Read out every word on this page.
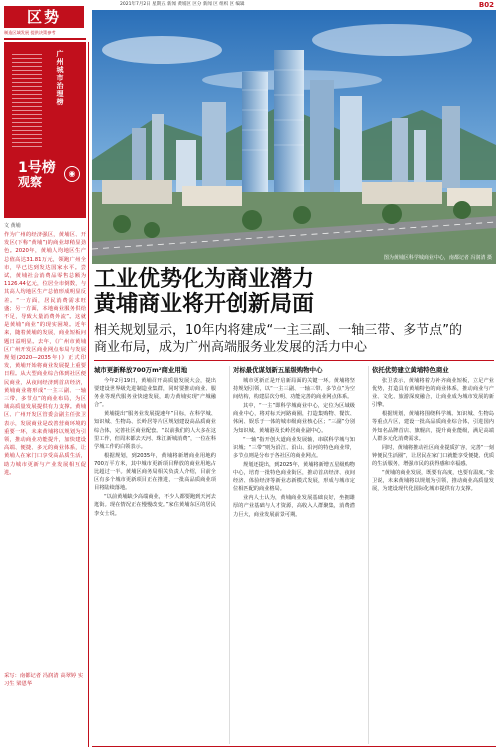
2021年7月2日 星期五 新闻 黄埔区 区分 新闻 区 组织 区 编辑	B02
区势
制造区域发展 提供决策参考
广州城市治理榜
1号榜
观察
◉
文 黄埔
作为广州的经济强区，黄埔区、开发区(下称“黄埔”)的商业却稍显劲色。2020年，黄埔人均地区生产总值高达31.81万元，领跑广州全市，早已达到发达国家水平。尝试，黄埔社会消费品零售总额为1126.44亿元，位居全市倒数，与其高人均地区生产总值形成明显反差。“一方面，居民消费需求旺盛；另一方面，本地商业服务供给不足，导致大量消费外流”。这就是黄埔“商业”的现实困境。近年来，随着黄埔的发展，商业短板问题日益明显。去年，《广州市黄埔区广州开发区商业网点布局与发展规划(2020—2035年)》正式印发，黄埔开始将商业发展提上重要日程。从大型商业综合体到社区便民商业，从夜间经济到首店经济，黄埔商业将形成“一主三副、一轴三带、多节点”的商业布局，为区域高质量发展提供有力支撑。黄埔区、广州开发区管委会副主任张卫表示，发展商业是改善营商环境的重要一环，未来黄埔将以规划为引领，推动商业功能提升，加快建设高端、便捷、多元的商业体系，让黄埔人在家门口享受高品质生活，助力城市更新与产业发展相互促进。
采写：南都记者 冯润清 高翠婷 实习生 梁恩华
图为黄埔区科学城商业中心，南都记者 冯润清 摄
工业优势化为商业潜力
黄埔商业将开创新局面
相关规划显示，10年内将建成“一主三副、一轴三带、多节点”的
商业布局，成为广州高端服务业发展的活力中心
城市更新释放700万m²商业用地

今年2月19日，黄埔召开高质量发展大会，提出要建设世界级先进制造业集群，同时要推动商业、服务业等现代服务业快速发展，助力黄埔实现“产城融合”。

黄埔提出“服务业发展提速年”目标，在科学城、知识城、生物岛、长岭居等片区规划建设高品质商业综合体，完善社区商业配套。“以前我们的人大多在这里工作，但周末都去天河、珠江新城消费”，一位在科学城工作的白领表示。

根据规划，到2035年，黄埔将新增商业用地约700万平方米，其中城市更新项目释放的商业用地占比超过一半。黄埔区商务局相关负责人介绍，目前全区有多个城市更新项目正在推进，一批高品质商业项目将陆续落地。

“以前黄埔缺少高端商业，不少人都要跑到天河去逛街。现在情况正在慢慢改变。”家住黄埔东区的居民李女士说。

对标最优谋划新五星级购物中心

城市更新正是开启新局面的关键一环。黄埔将坚持规划引领，以“一主三副、一轴三带、多节点”为空间结构，构建层次分明、功能完善的商业网点体系。

其中，“一主”即科学城商业中心，定位为区域级商业中心，将对标天河路商圈，打造集购物、餐饮、休闲、娱乐于一体的城市级商业核心区；“三副”分别为知识城、黄埔港及长岭居商业副中心。

“一轴”指开创大道商业发展轴，串联科学城与知识城；“三带”则为沿江、沿山、沿河的特色商业带，多节点则是分布于各社区的商业网点。

规划还提出，到2025年，黄埔将新增五星级购物中心，培育一批特色商业街区，推动首店经济、夜间经济、体验经济等新业态新模式发展，形成与城市定位相匹配的商业格局。

业内人士认为，黄埔商业发展基础良好，坐拥雄厚的产业基础与人才资源，高收入人群聚集，消费潜力巨大，商业发展前景可期。

依托优势建立黄埔特色商业

张卫表示，黄埔将着力补齐商业短板，立足产业优势，打造具有黄埔特色的商业体系，推动商业与产业、文化、旅游深度融合，让商业成为城市发展的新引擎。

根据规划，黄埔将围绕科学城、知识城、生物岛等重点片区，建设一批高品质商业综合体，引进国内外知名品牌首店、旗舰店，提升商业能级，满足高端人群多元化消费需求。

同时，黄埔将推动社区商业提质扩容，完善“一刻钟便民生活圈”，让居民在家门口就能享受便捷、优质的生活服务，增强市民的获得感和幸福感。

“黄埔的商业发展，既要有高度，也要有温度。”张卫说，未来黄埔将以规划为引领，推动商业高质量发展，为建设现代化国际化城市提供有力支撑。
